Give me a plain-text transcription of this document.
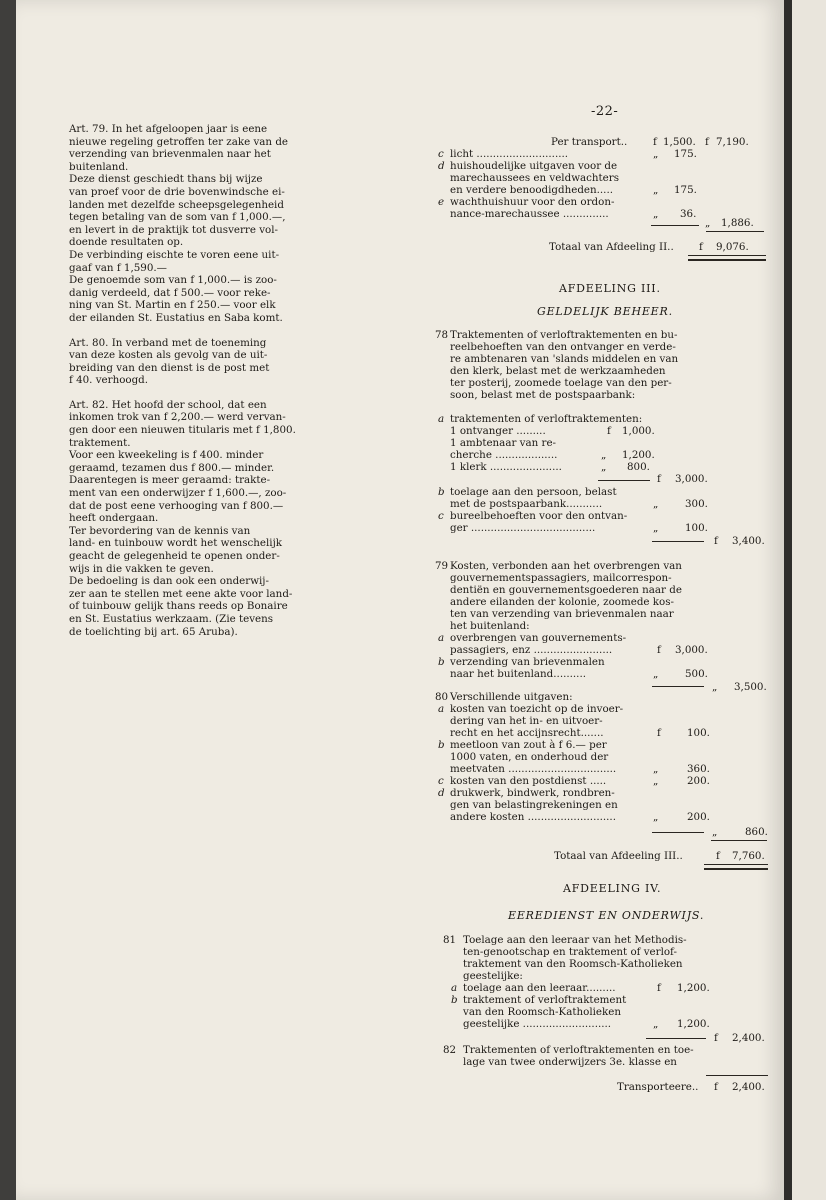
-22-

Art. 79. In het afgeloopen jaar is eene

nieuwe regeling getroffen ter zake van de

verzending van brievenmalen naar het

buitenland.

Deze dienst geschiedt thans bij wijze

van proef voor de drie bovenwindsche ei-

landen met dezelfde scheepsgelegenheid

tegen betaling van de som van f 1,000.—,

en levert in de praktijk tot dusverre vol-

doende resultaten op.

De verbinding eischte te voren eene uit-

gaaf van f 1,590.—

De genoemde som van f 1,000.— is zoo-

danig verdeeld, dat f 500.— voor reke-

ning van St. Martin en f 250.— voor elk

der eilanden St. Eustatius en Saba komt.

Art. 80. In verband met de toeneming

van deze kosten als gevolg van de uit-

breiding van den dienst is de post met

f 40. verhoogd.

Art. 82. Het hoofd der school, dat een

inkomen trok van f 2,200.— werd vervan-

gen door een nieuwen titularis met f 1,800.

traktement.

Voor een kweekeling is f 400. minder

geraamd, tezamen dus f 800.— minder.

Daarentegen is meer geraamd: trakte-

ment van een onderwijzer f 1,600.—, zoo-

dat de post eene verhooging van f 800.—

heeft ondergaan.

Ter bevordering van de kennis van

land- en tuinbouw wordt het wenschelijk

geacht de gelegenheid te openen onder-

wijs in die vakken te geven.

De bedoeling is dan ook een onderwij-

zer aan te stellen met eene akte voor land-

of tuinbouw gelijk thans reeds op Bonaire

en St. Eustatius werkzaam. (Zie tevens

de toelichting bij art. 65 Aruba).

Per transport.. f 1,500. f 7,190.
c licht ............................	„ 175.
d huishoudelijke uitgaven voor de
marechaussees en veldwachters
en verdere benoodigdheden.....	„ 175.
e wachthuishuur voor den ordon-
nance-marechaussee ..............	„ 36.
„ 1,886.
Totaal van Afdeeling II.. f 9,076.
AFDEELING III.
GELDELIJK BEHEER.
78 Traktementen of verloftraktementen en bu-
reelbehoeften van den ontvanger en verde-
re ambtenaren van 'slands middelen en van
den klerk, belast met de werkzaamheden
ter posterij, zoomede toelage van den per-
soon, belast met de postspaarbank:
a traktementen of verloftraktementen:
1 ontvanger .........	f 1,000.
1 ambtenaar van re-
cherche ...................	„ 1,200.
1 klerk ......................	„ 800.
f 3,000.
b toelage aan den persoon, belast
met de postspaarbank...........	„	300.
c bureelbehoeften voor den ontvan-
ger ......................................	„	100.
f 3,400.
79 Kosten, verbonden aan het overbrengen van
gouvernementspassagiers, mailcorrespon-
dentiën en gouvernementsgoederen naar de
andere eilanden der kolonie, zoomede kos-
ten van verzending van brievenmalen naar
het buitenland:
a overbrengen van gouvernements-
passagiers, enz ........................	f 3,000.
b verzending van brievenmalen
naar het buitenland..........	„	500.
„ 3,500.
80 Verschillende uitgaven:
a kosten van toezicht op de invoer-
dering van het in- en uitvoer-
recht en het accijnsrecht.......	f	100.
b meetloon van zout à f 6.— per
1000 vaten, en onderhoud der
meetvaten .................................	„	360.
c kosten van den postdienst .....	„	200.
d drukwerk, bindwerk, rondbren-
gen van belastingrekeningen en
andere kosten ...........................	„	200.
„	860.
Totaal van Afdeeling III..	f 7,760.
AFDEELING IV.
EEREDIENST EN ONDERWIJS.
81 Toelage aan den leeraar van het Methodis-
ten-genootschap en traktement of verlof-
traktement van den Roomsch-Katholieken
geestelijke:
a toelage aan den leeraar.........	f 1,200.
b traktement of verloftraktement
van den Roomsch-Katholieken
geestelijke ...........................	„ 1,200.
f 2,400.
82 Traktementen of verloftraktementen en toe-
lage van twee onderwijzers 3e. klasse en
Transporteere.. f 2,400.
